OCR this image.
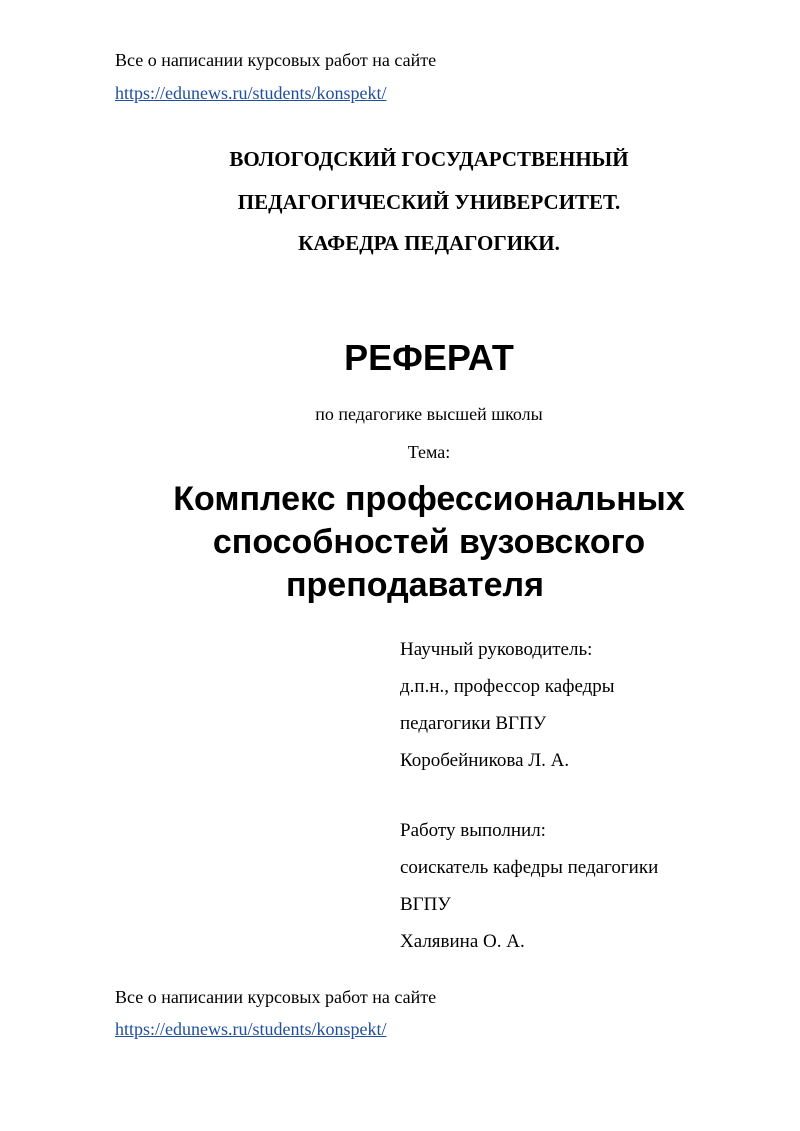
Все о написании курсовых работ на сайте
https://edunews.ru/students/konspekt/
ВОЛОГОДСКИЙ ГОСУДАРСТВЕННЫЙ
ПЕДАГОГИЧЕСКИЙ УНИВЕРСИТЕТ.
КАФЕДРА ПЕДАГОГИКИ.
РЕФЕРАТ
по педагогике высшей школы
Тема:
Комплекс профессиональных
способностей вузовского
преподавателя
Научный руководитель:
д.п.н., профессор кафедры
педагогики ВГПУ
Коробейникова Л. А.
Работу выполнил:
соискатель кафедры педагогики
ВГПУ
Халявина О. А.
Все о написании курсовых работ на сайте
https://edunews.ru/students/konspekt/
